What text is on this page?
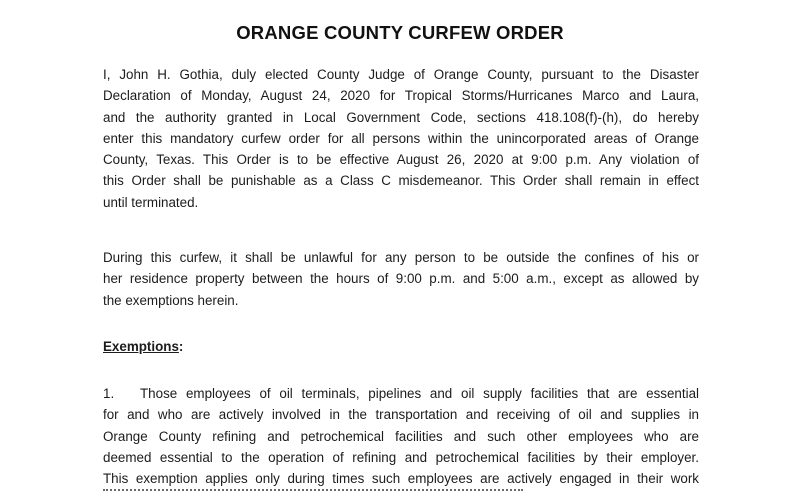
ORANGE COUNTY CURFEW ORDER

I, John H. Gothia, duly elected County Judge of Orange County, pursuant to the Disaster
Declaration of Monday, August 24, 2020 for Tropical Storms/Hurricanes Marco and Laura,
and the authority granted in Local Government Code, sections 418.108(f)-(h), do hereby
enter this mandatory curfew order for all persons within the unincorporated areas of Orange
County, Texas. This Order is to be effective August 26, 2020 at 9:00 p.m. Any violation of
this Order shall be punishable as a Class C misdemeanor. This Order shall remain in effect
until terminated.

During this curfew, it shall be unlawful for any person to be outside the confines of his or
her residence property between the hours of 9:00 p.m. and 5:00 a.m., except as allowed by
the exemptions herein.

Exemptions:

1. Those employees of oil terminals, pipelines and oil supply facilities that are essential
for and who are actively involved in the transportation and receiving of oil and supplies in
Orange County refining and petrochemical facilities and such other employees who are
deemed essential to the operation of refining and petrochemical facilities by their employer.
This exemption applies only during times such employees are actively engaged in their work
